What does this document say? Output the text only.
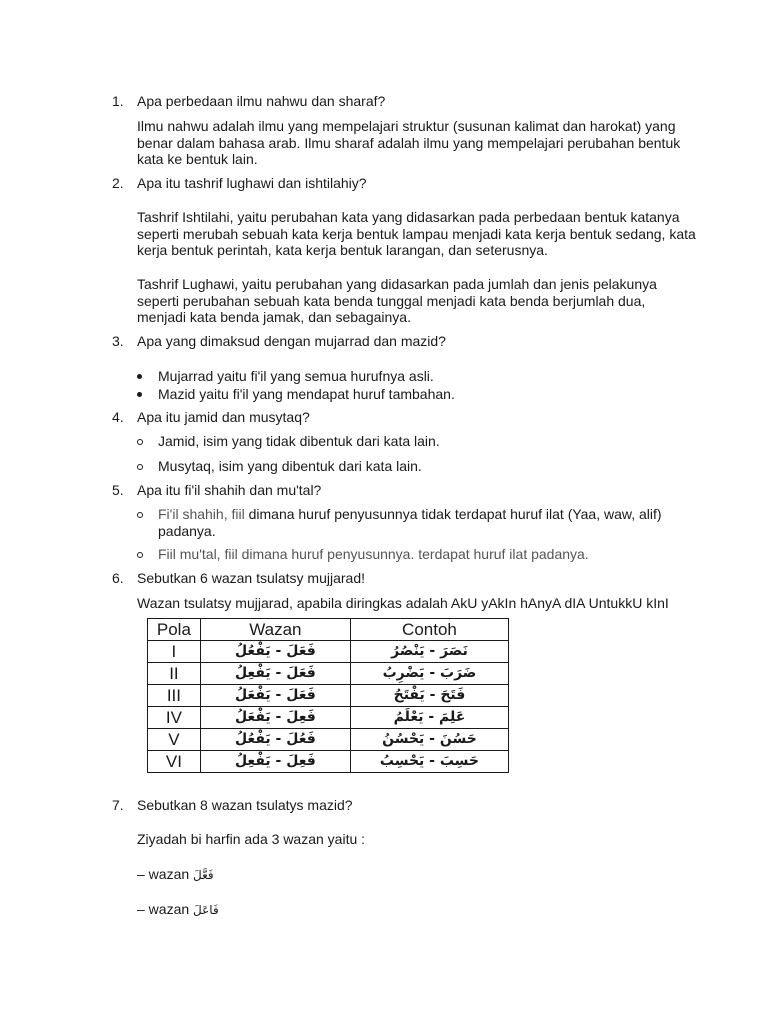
1. Apa perbedaan ilmu nahwu dan sharaf?
Ilmu nahwu adalah ilmu yang mempelajari struktur (susunan kalimat dan harokat) yang benar dalam bahasa arab. Ilmu sharaf adalah ilmu yang mempelajari perubahan bentuk kata ke bentuk lain.
2. Apa itu tashrif lughawi dan ishtilahiy?
Tashrif Ishtilahi, yaitu perubahan kata yang didasarkan pada perbedaan bentuk katanya seperti merubah sebuah kata kerja bentuk lampau menjadi kata kerja bentuk sedang, kata kerja bentuk perintah, kata kerja bentuk larangan, dan seterusnya.
Tashrif Lughawi, yaitu perubahan yang didasarkan pada jumlah dan jenis pelakunya seperti perubahan sebuah kata benda tunggal menjadi kata benda berjumlah dua, menjadi kata benda jamak, dan sebagainya.
3. Apa yang dimaksud dengan mujarrad dan mazid?
Mujarrad yaitu fi'il yang semua hurufnya asli.
Mazid yaitu fi'il yang mendapat huruf tambahan.
4. Apa itu jamid dan musytaq?
Jamid, isim yang tidak dibentuk dari kata lain.
Musytaq, isim yang dibentuk dari kata lain.
5. Apa itu fi'il shahih dan mu'tal?
Fi'il shahih, fiil dimana huruf penyusunnya tidak terdapat huruf ilat (Yaa, waw, alif) padanya.
Fiil mu'tal, fiil dimana huruf penyusunnya. terdapat huruf ilat padanya.
6. Sebutkan 6 wazan tsulatsy mujjarad!
Wazan tsulatsy mujjarad, apabila diringkas adalah AkU yAkIn hAnyA dIA UntukkU kInI
Pola	Wazan	Contoh
I	فَعَلَ - يَفْعُلُ	نَصَرَ - يَنْصُرُ
II	فَعَلَ - يَفْعِلُ	ضَرَبَ - يَضْرِبُ
III	فَعَلَ - يَفْعَلُ	فَتَحَ - يَفْتَحُ
IV	فَعِلَ - يَفْعَلُ	عَلِمَ - يَعْلَمُ
V	فَعُلَ - يَفْعُلُ	حَسُنَ - يَحْسُنُ
VI	فَعِلَ - يَفْعِلُ	حَسِبَ - يَحْسِبُ
7. Sebutkan 8 wazan tsulatys mazid?
Ziyadah bi harfin ada 3 wazan yaitu :
– wazan فَعَّلَ
– wazan فَاعَلَ
